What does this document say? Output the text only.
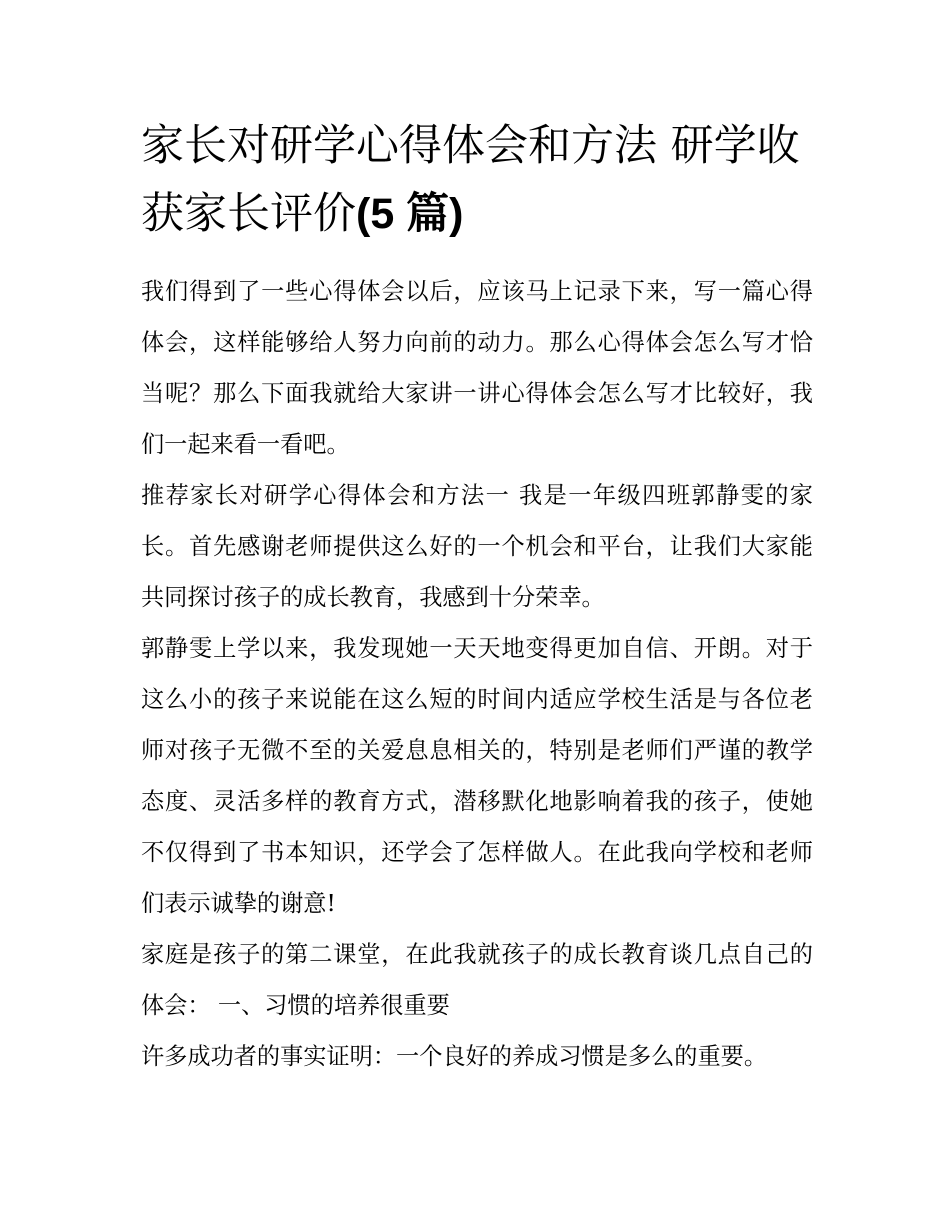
家长对研学心得体会和方法 研学收获家长评价(5 篇)

我们得到了一些心得体会以后，应该马上记录下来，写一篇心得体会，这样能够给人努力向前的动力。那么心得体会怎么写才恰当呢？那么下面我就给大家讲一讲心得体会怎么写才比较好，我们一起来看一看吧。

推荐家长对研学心得体会和方法一 我是一年级四班郭静雯的家长。首先感谢老师提供这么好的一个机会和平台，让我们大家能共同探讨孩子的成长教育，我感到十分荣幸。

郭静雯上学以来，我发现她一天天地变得更加自信、开朗。对于这么小的孩子来说能在这么短的时间内适应学校生活是与各位老师对孩子无微不至的关爱息息相关的，特别是老师们严谨的教学态度、灵活多样的教育方式，潜移默化地影响着我的孩子，使她不仅得到了书本知识，还学会了怎样做人。在此我向学校和老师们表示诚挚的谢意!

家庭是孩子的第二课堂，在此我就孩子的成长教育谈几点自己的体会： 一、习惯的培养很重要

许多成功者的事实证明：一个良好的养成习惯是多么的重要。
